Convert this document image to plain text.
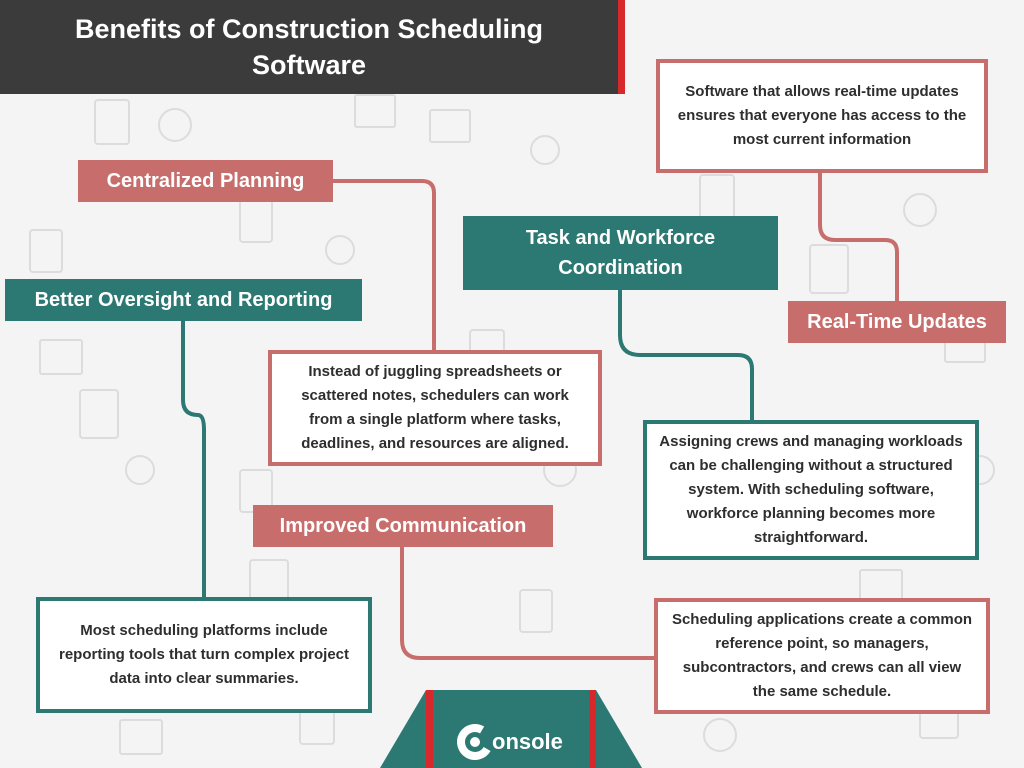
Benefits of Construction Scheduling Software
Software that allows real-time updates ensures that everyone has access to the most current information
Real-Time Updates
Centralized Planning
Instead of juggling spreadsheets or scattered notes, schedulers can work from a single platform where tasks, deadlines, and resources are aligned.
Task and Workforce Coordination
Assigning crews and managing workloads can be challenging without a structured system. With scheduling software, workforce planning becomes more straightforward.
Better Oversight and Reporting
Most scheduling platforms include reporting tools that turn complex project data into clear summaries.
Improved Communication
Scheduling applications create a common reference point, so managers, subcontractors, and crews can all view the same schedule.
onsole
